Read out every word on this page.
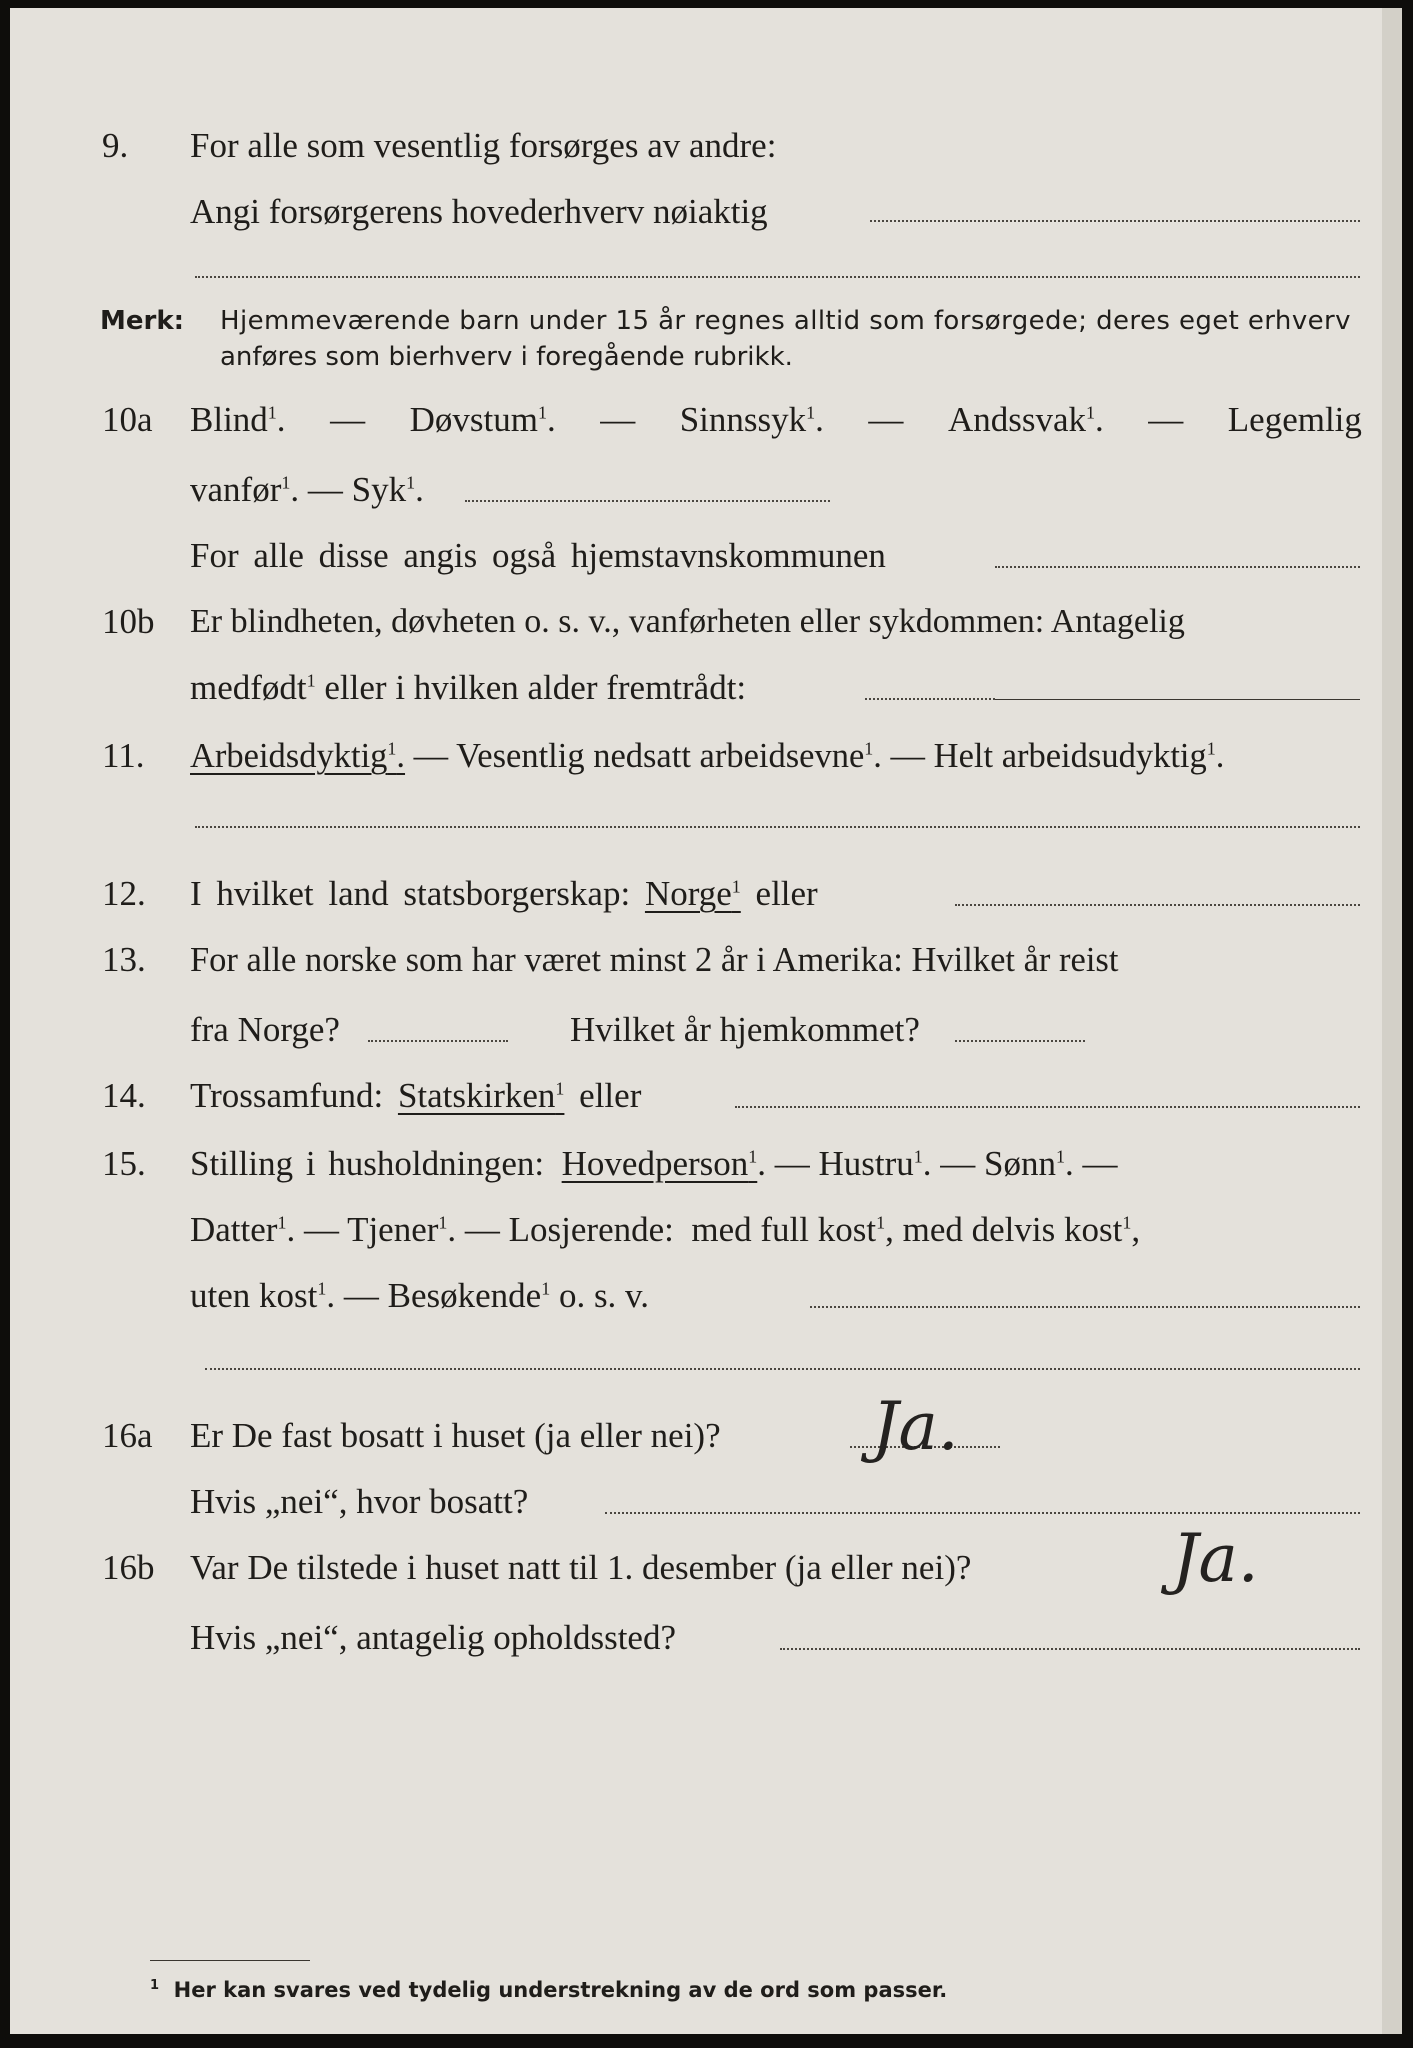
9. For alle som vesentlig forsørges av andre:
Angi forsørgerens hovederhverv nøiaktig
Merk: Hjemmeværende barn under 15 år regnes alltid som forsørgede; deres eget erhverv
anføres som bierhverv i foregående rubrikk.
10a Blind$^1$. — Døvstum$^1$. — Sinnssyk$^1$. — Andssvak$^1$. — Legemlig
vanfør$^1$. — Syk$^1$.
For alle disse angis også hjemstavnskommunen
10b Er blindheten, døvheten o. s. v., vanførheten eller sykdommen: Antagelig
medfødt$^1$ eller i hvilken alder fremtrådt:
11. Arbeidsdyktig$^1$. — Vesentlig nedsatt arbeidsevne$^1$. — Helt arbeidsudyktig$^1$.
12. I hvilket land statsborgerskap: Norge$^1$ eller
13. For alle norske som har været minst 2 år i Amerika: Hvilket år reist
fra Norge?	Hvilket år hjemkommet?
14. Trossamfund: Statskirken$^1$ eller
15. Stilling i husholdningen: Hovedperson$^1$. — Hustru$^1$. — Sønn$^1$. —
Datter$^1$. — Tjener$^1$. — Losjerende: med full kost$^1$, med delvis kost$^1$,
uten kost$^1$. — Besøkende$^1$ o. s. v.
16a Er De fast bosatt i huset (ja eller nei)? Ja.
Hvis „nei“, hvor bosatt?
16b Var De tilstede i huset natt til 1. desember (ja eller nei)?	Ja.
Hvis „nei“, antagelig opholdssted?
$^1$ Her kan svares ved tydelig understrekning av de ord som passer.
